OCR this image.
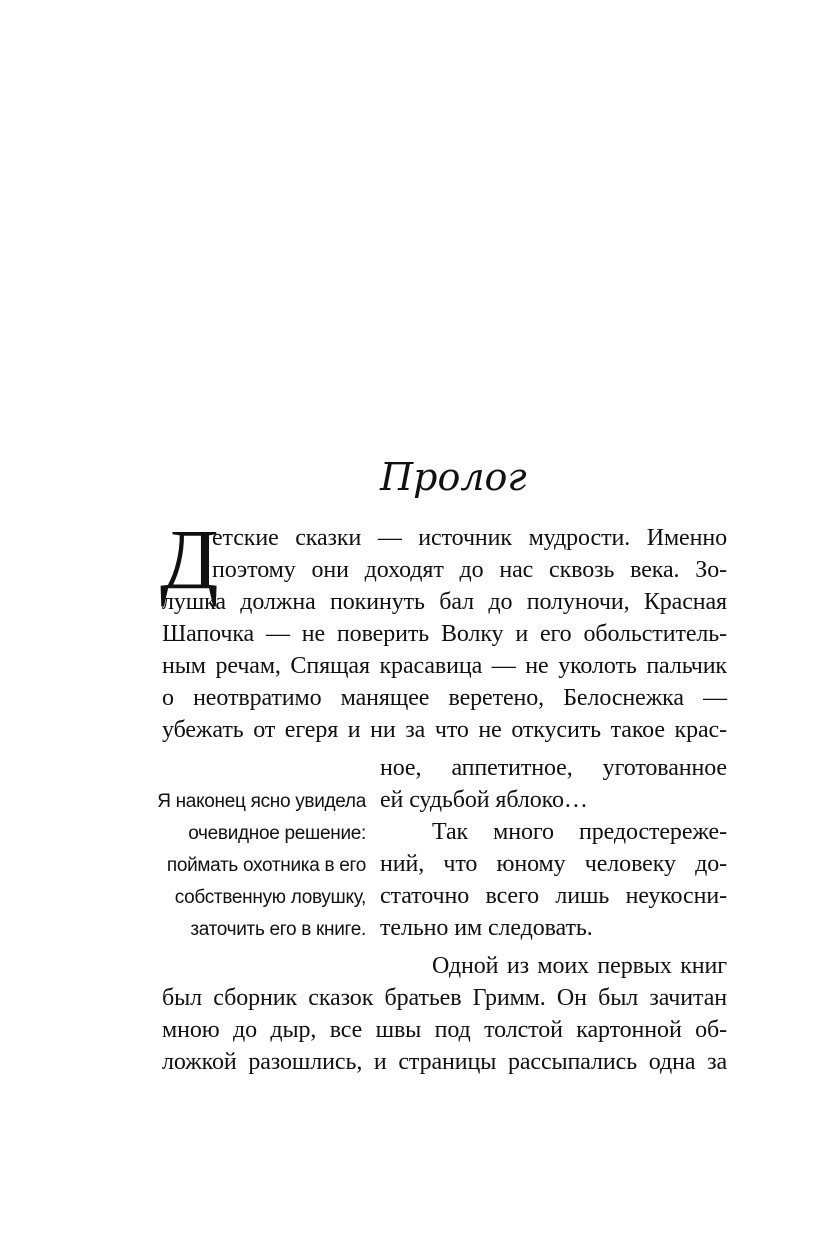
Пролог
Д
етские сказки — источник мудрости. Именно
поэтому они доходят до нас сквозь века. Зо-
лушка должна покинуть бал до полуночи, Красная
Шапочка — не поверить Волку и его обольститель-
ным речам, Спящая красавица — не уколоть пальчик
о неотвратимо манящее веретено, Белоснежка —
убежать от егеря и ни за что не откусить такое крас-
ное, аппетитное, уготованное
ей судьбой яблоко…
Так много предостереже-
ний, что юному человеку до-
статочно всего лишь неукосни-
тельно им следовать.
Одной из моих первых книг
был сборник сказок братьев Гримм. Он был зачитан
мною до дыр, все швы под толстой картонной об-
ложкой разошлись, и страницы рассыпались одна за
Я наконец ясно увидела
очевидное решение:
поймать охотника в его
собственную ловушку,
заточить его в книге.
